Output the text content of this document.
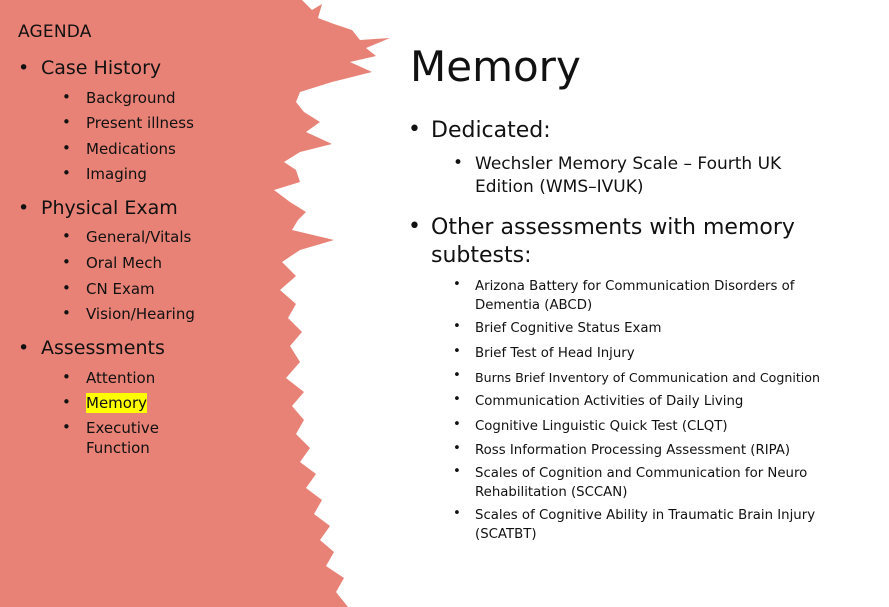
AGENDA
• Case History
• Background
• Present illness
• Medications
• Imaging
• Physical Exam
• General/Vitals
• Oral Mech
• CN Exam
• Vision/Hearing
• Assessments
• Attention
• Memory
• Executive Function
Memory
• Dedicated:
• Wechsler Memory Scale – Fourth UK Edition (WMS–IVUK)
• Other assessments with memory subtests:
• Arizona Battery for Communication Disorders of Dementia (ABCD)
• Brief Cognitive Status Exam
• Brief Test of Head Injury
• Burns Brief Inventory of Communication and Cognition
• Communication Activities of Daily Living
• Cognitive Linguistic Quick Test (CLQT)
• Ross Information Processing Assessment (RIPA)
• Scales of Cognition and Communication for Neuro Rehabilitation (SCCAN)
• Scales of Cognitive Ability in Traumatic Brain Injury (SCATBT)
